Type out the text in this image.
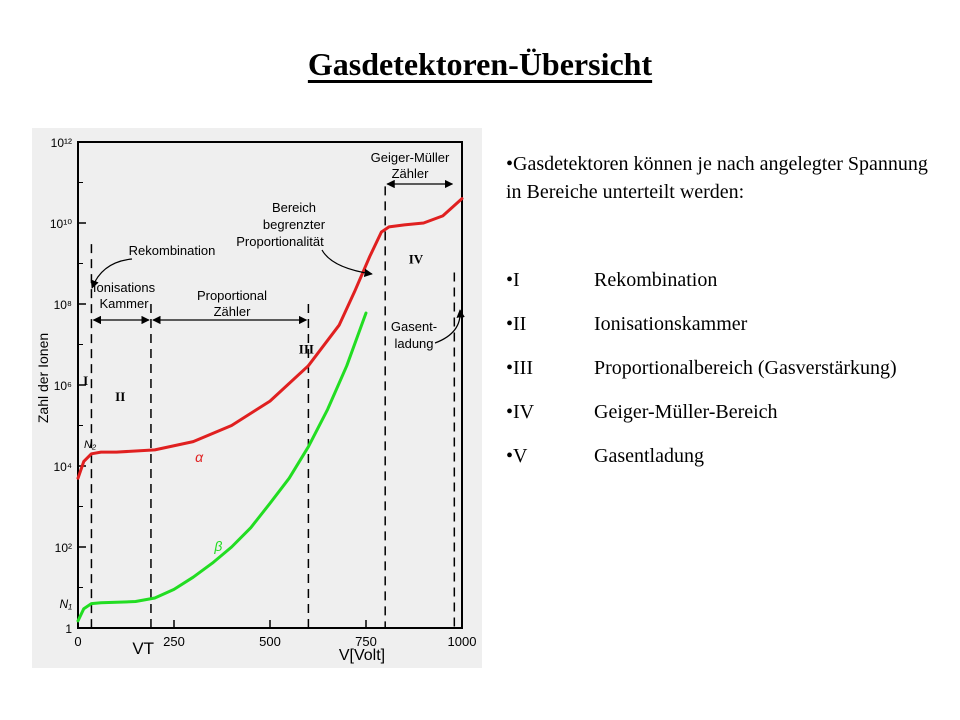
Gasdetektoren-Übersicht
1
10²
10⁴
10⁶
10⁸
10¹⁰
10¹²
N₁
N₂
0	250	500	750	1000
VT	V[Volt]
Zahl der Ionen
α
β
I
II
III
IV
Rekombination
Ionisations
Kammer
Proportional
Zähler
Bereich
begrenzter
Proportionalität
Geiger-Müller
Zähler
Gasent-
ladung

•Gasdetektoren können je nach angelegter Spannung in Bereiche unterteilt werden:

•I	Rekombination
•II	Ionisationskammer
•III	Proportionalbereich (Gasverstärkung)
•IV	Geiger-Müller-Bereich
•V	Gasentladung
